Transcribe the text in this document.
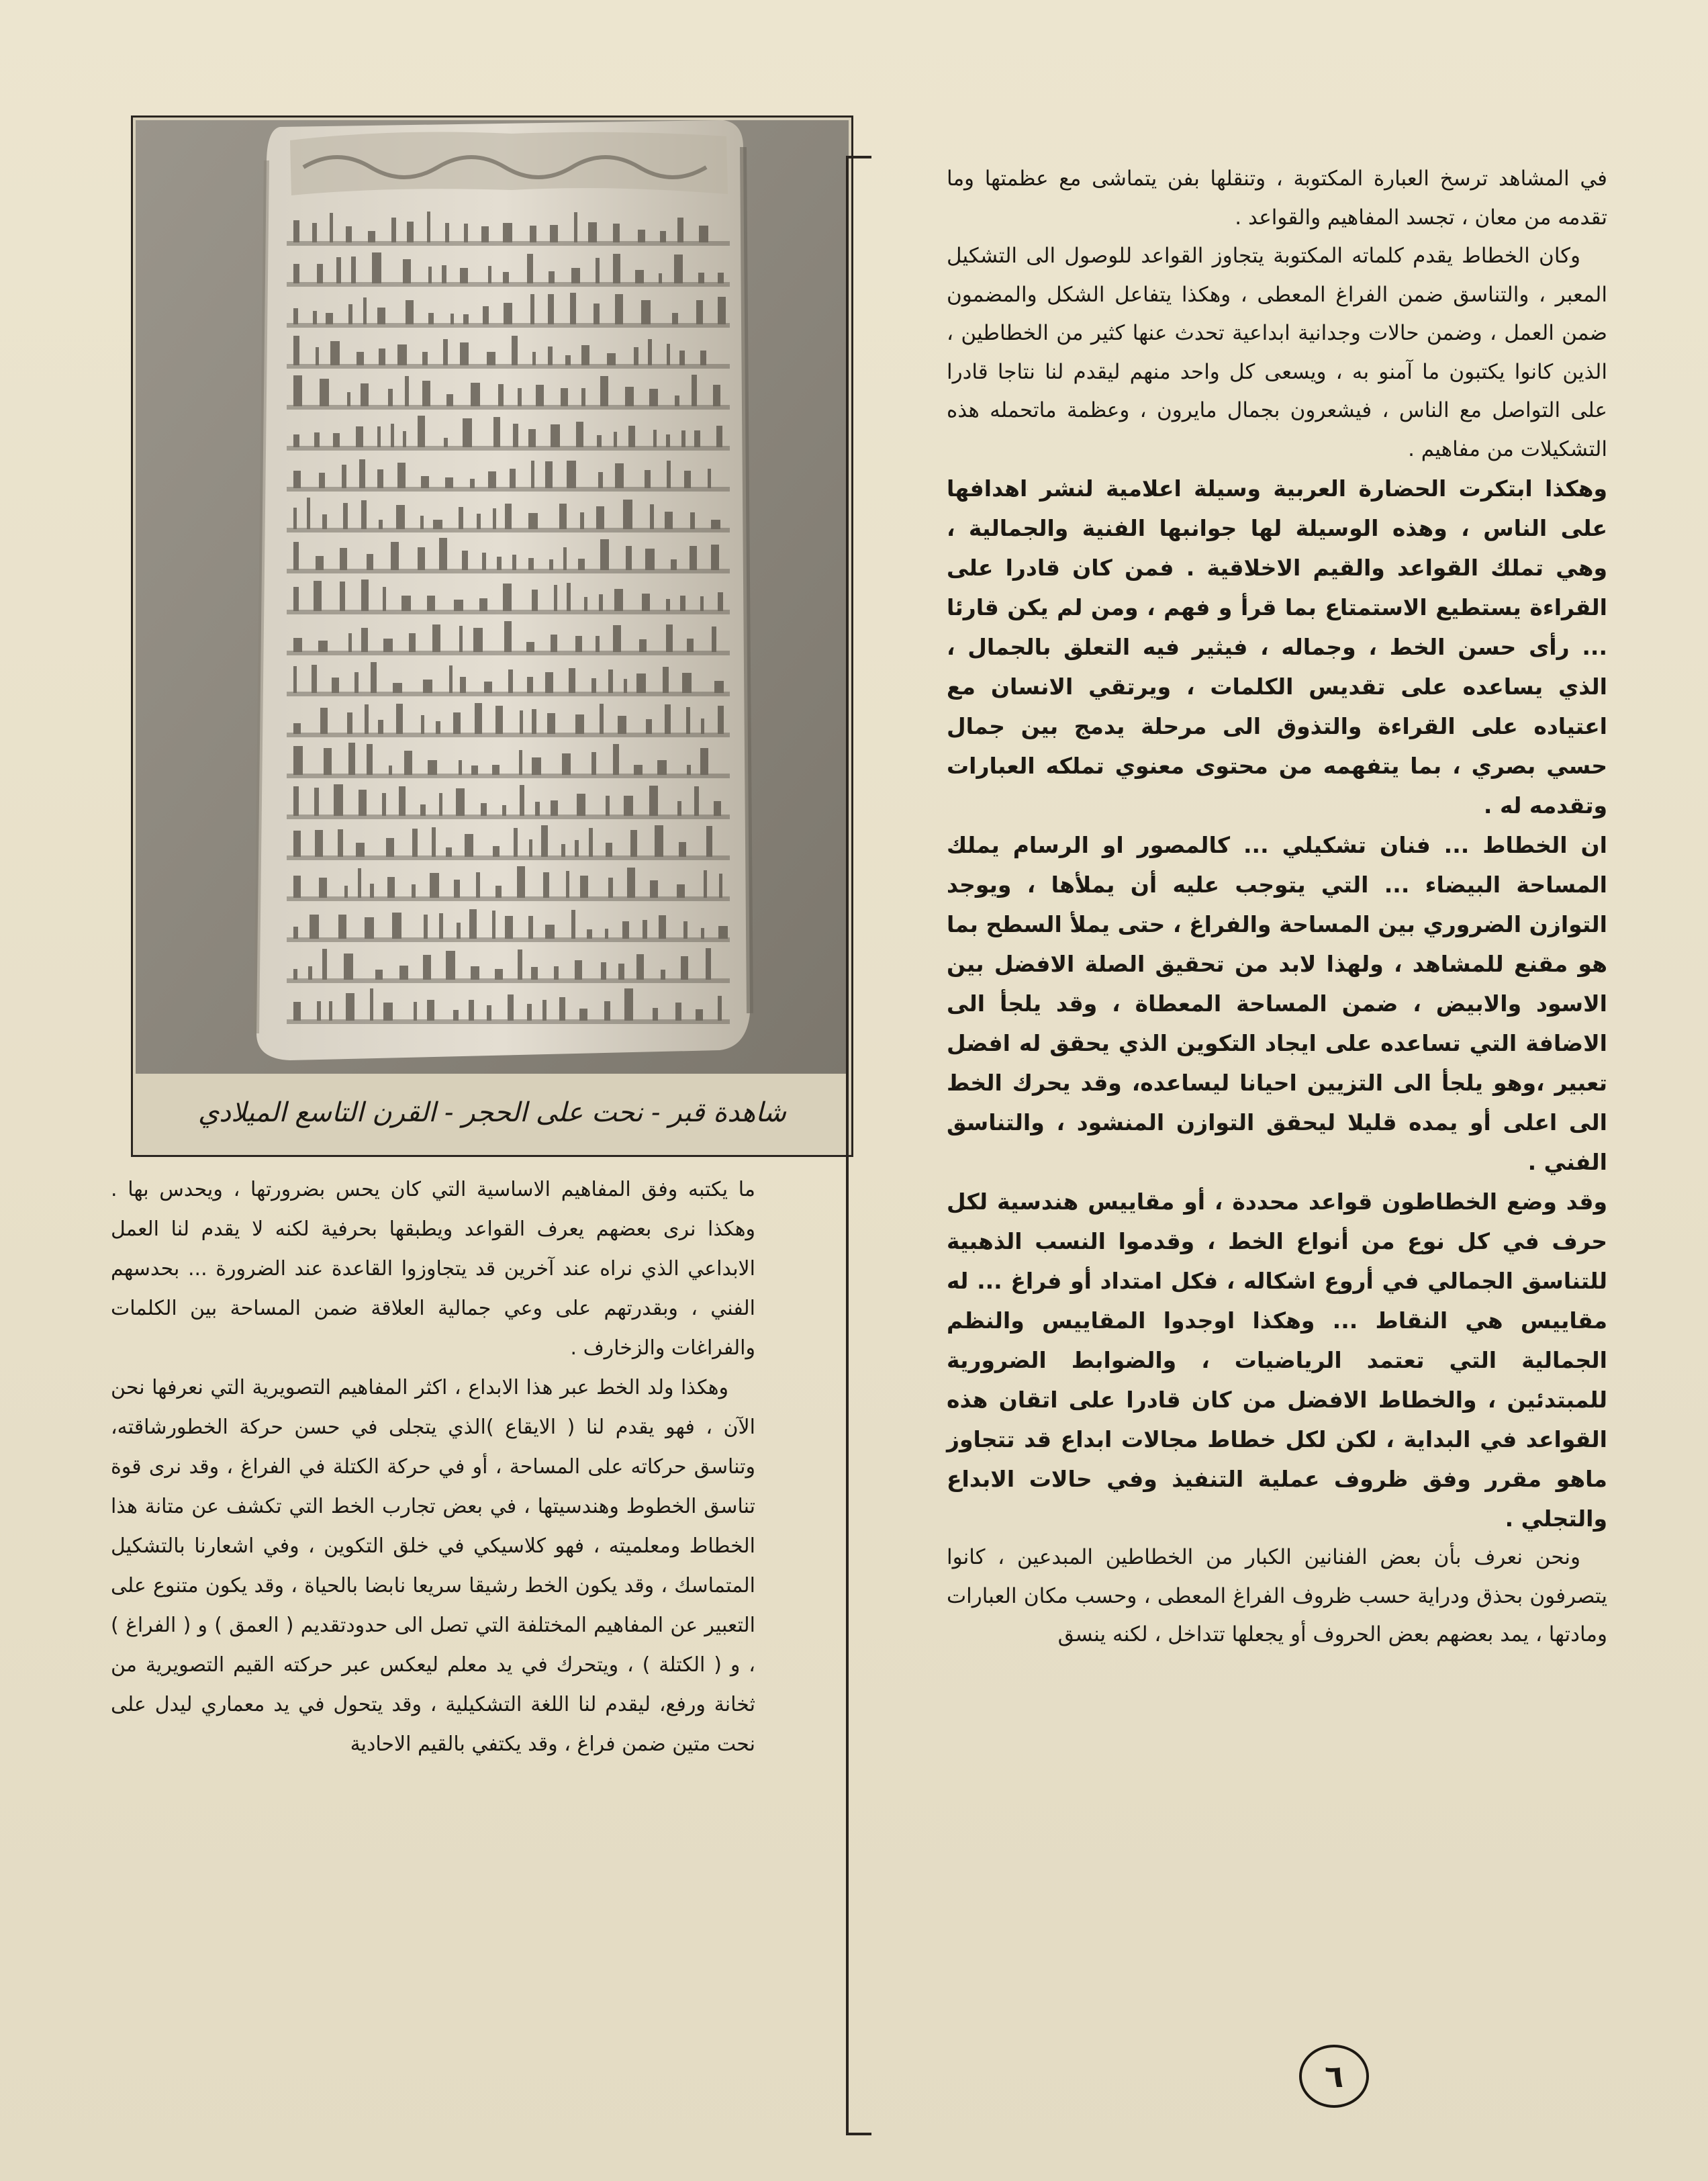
شاهدة قبر - نحت على الحجر - القرن التاسع الميلادي

في المشاهد ترسخ العبارة المكتوبة ، وتنقلها بفن يتماشى مع عظمتها وما تقدمه من معان ، تجسد المفاهيم والقواعد .

وكان الخطاط يقدم كلماته المكتوبة يتجاوز القواعد للوصول الى التشكيل المعبر ، والتناسق ضمن الفراغ المعطى ، وهكذا يتفاعل الشكل والمضمون ضمن العمل ، وضمن حالات وجدانية ابداعية تحدث عنها كثير من الخطاطين ، الذين كانوا يكتبون ما آمنو به ، ويسعى كل واحد منهم ليقدم لنا نتاجا قادرا على التواصل مع الناس ، فيشعرون بجمال مايرون ، وعظمة ماتحمله هذه التشكيلات من مفاهيم .

وهكذا ابتكرت الحضارة العربية وسيلة اعلامية لنشر اهدافها على الناس ، وهذه الوسيلة لها جوانبها الفنية والجمالية ، وهي تملك القواعد والقيم الاخلاقية . فمن كان قادرا على القراءة يستطيع الاستمتاع بما قرأ و فهم ، ومن لم يكن قارئا ... رأى حسن الخط ، وجماله ، فيثير فيه التعلق بالجمال ، الذي يساعده على تقديس الكلمات ، ويرتقي الانسان مع اعتياده على القراءة والتذوق الى مرحلة يدمج بين جمال حسي بصري ، بما يتفهمه من محتوى معنوي تملكه العبارات وتقدمه له .

ان الخطاط ... فنان تشكيلي ... كالمصور او الرسام يملك المساحة البيضاء ... التي يتوجب عليه أن يملأها ، ويوجد التوازن الضروري بين المساحة والفراغ ، حتى يملأ السطح بما هو مقنع للمشاهد ، ولهذا لابد من تحقيق الصلة الافضل بين الاسود والابيض ، ضمن المساحة المعطاة ، وقد يلجأ الى الاضافة التي تساعده على ايجاد التكوين الذي يحقق له افضل تعبير ،وهو يلجأ الى التزيين احيانا ليساعده، وقد يحرك الخط الى اعلى أو يمده قليلا ليحقق التوازن المنشود ، والتناسق الفني .

وقد وضع الخطاطون قواعد محددة ، أو مقاييس هندسية لكل حرف في كل نوع من أنواع الخط ، وقدموا النسب الذهبية للتناسق الجمالي في أروع اشكاله ، فكل امتداد أو فراغ ... له مقاييس هي النقاط ... وهكذا اوجدوا المقاييس والنظم الجمالية التي تعتمد الرياضيات ، والضوابط الضرورية للمبتدئين ، والخطاط الافضل من كان قادرا على اتقان هذه القواعد في البداية ، لكن لكل خطاط مجالات ابداع قد تتجاوز ماهو مقرر وفق ظروف عملية التنفيذ وفي حالات الابداع والتجلي .

ونحن نعرف بأن بعض الفنانين الكبار من الخطاطين المبدعين ، كانوا يتصرفون بحذق ودراية حسب ظروف الفراغ المعطى ، وحسب مكان العبارات ومادتها ، يمد بعضهم بعض الحروف أو يجعلها تتداخل ، لكنه ينسق

ما يكتبه وفق المفاهيم الاساسية التي كان يحس بضرورتها ، ويحدس بها . وهكذا نرى بعضهم يعرف القواعد ويطبقها بحرفية لكنه لا يقدم لنا العمل الابداعي الذي نراه عند آخرين قد يتجاوزوا القاعدة عند الضرورة ... بحدسهم الفني ، وبقدرتهم على وعي جمالية العلاقة ضمن المساحة بين الكلمات والفراغات والزخارف .

وهكذا ولد الخط عبر هذا الابداع ، اكثر المفاهيم التصويرية التي نعرفها نحن الآن ، فهو يقدم لنا ( الايقاع )الذي يتجلى في حسن حركة الخطورشاقته، وتناسق حركاته على المساحة ، أو في حركة الكتلة في الفراغ ، وقد نرى قوة تناسق الخطوط وهندسيتها ، في بعض تجارب الخط التي تكشف عن متانة هذا الخطاط ومعلميته ، فهو كلاسيكي في خلق التكوين ، وفي اشعارنا بالتشكيل المتماسك ، وقد يكون الخط رشيقا سريعا نابضا بالحياة ، وقد يكون متنوع على التعبير عن المفاهيم المختلفة التي تصل الى حدودتقديم ( العمق ) و ( الفراغ ) ، و ( الكتلة ) ، ويتحرك في يد معلم ليعكس عبر حركته القيم التصويرية من ثخانة ورفع، ليقدم لنا اللغة التشكيلية ، وقد يتحول في يد معماري ليدل على نحت متين ضمن فراغ ، وقد يكتفي بالقيم الاحادية

٦
